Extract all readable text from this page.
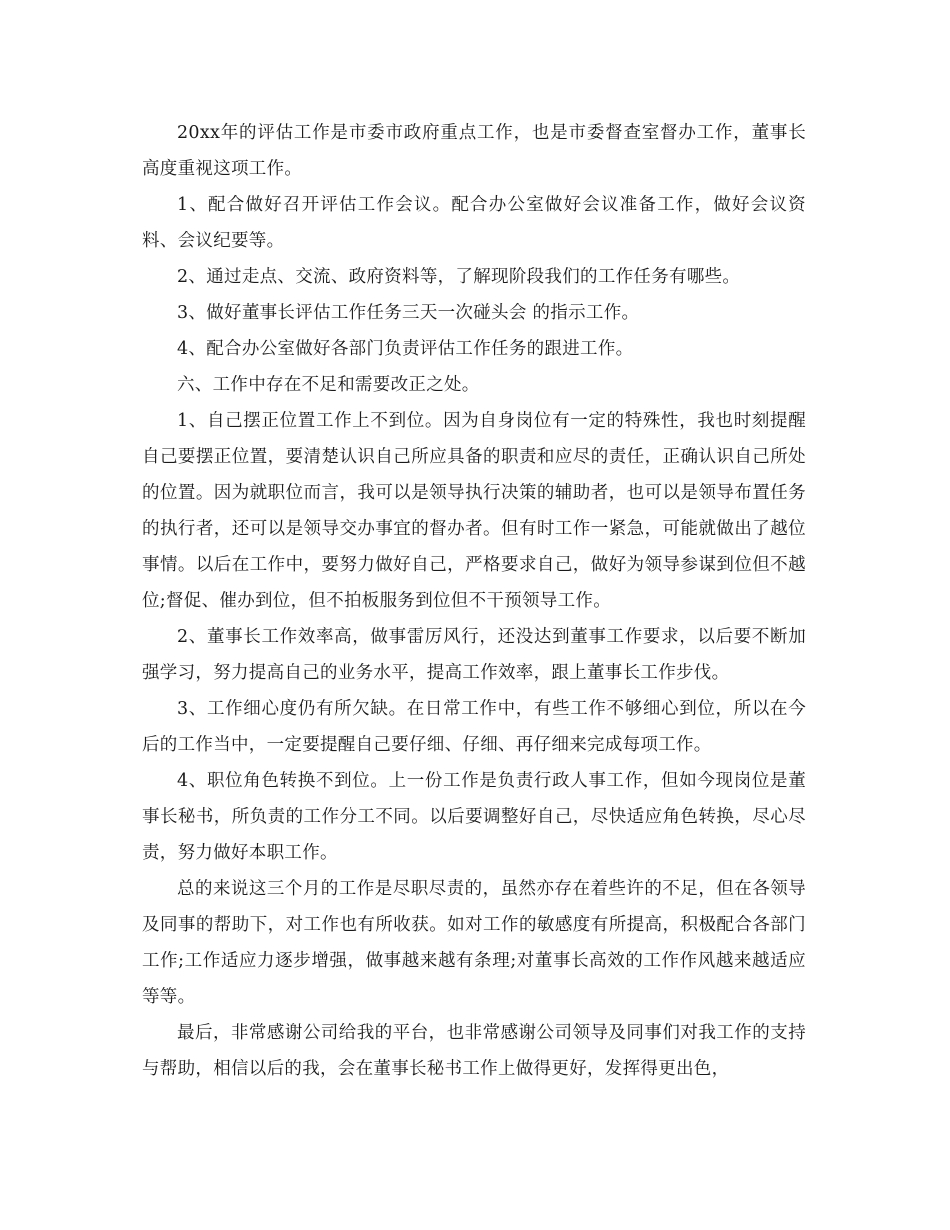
20xx年的评估工作是市委市政府重点工作，也是市委督查室督办工作，董事长高度重视这项工作。

1、配合做好召开评估工作会议。配合办公室做好会议准备工作，做好会议资料、会议纪要等。

2、通过走点、交流、政府资料等，了解现阶段我们的工作任务有哪些。

3、做好董事长评估工作任务三天一次碰头会 的指示工作。

4、配合办公室做好各部门负责评估工作任务的跟进工作。

六、工作中存在不足和需要改正之处。

1、自己摆正位置工作上不到位。因为自身岗位有一定的特殊性，我也时刻提醒自己要摆正位置，要清楚认识自己所应具备的职责和应尽的责任，正确认识自己所处的位置。因为就职位而言，我可以是领导执行决策的辅助者，也可以是领导布置任务的执行者，还可以是领导交办事宜的督办者。但有时工作一紧急，可能就做出了越位事情。以后在工作中，要努力做好自己，严格要求自己，做好为领导参谋到位但不越位;督促、催办到位，但不拍板服务到位但不干预领导工作。

2、董事长工作效率高，做事雷厉风行，还没达到董事工作要求，以后要不断加强学习，努力提高自己的业务水平，提高工作效率，跟上董事长工作步伐。

3、工作细心度仍有所欠缺。在日常工作中，有些工作不够细心到位，所以在今后的工作当中，一定要提醒自己要仔细、仔细、再仔细来完成每项工作。

4、职位角色转换不到位。上一份工作是负责行政人事工作，但如今现岗位是董事长秘书，所负责的工作分工不同。以后要调整好自己，尽快适应角色转换，尽心尽责，努力做好本职工作。

总的来说这三个月的工作是尽职尽责的，虽然亦存在着些许的不足，但在各领导及同事的帮助下，对工作也有所收获。如对工作的敏感度有所提高，积极配合各部门工作;工作适应力逐步增强，做事越来越有条理;对董事长高效的工作作风越来越适应等等。

最后，非常感谢公司给我的平台，也非常感谢公司领导及同事们对我工作的支持与帮助，相信以后的我，会在董事长秘书工作上做得更好，发挥得更出色，
